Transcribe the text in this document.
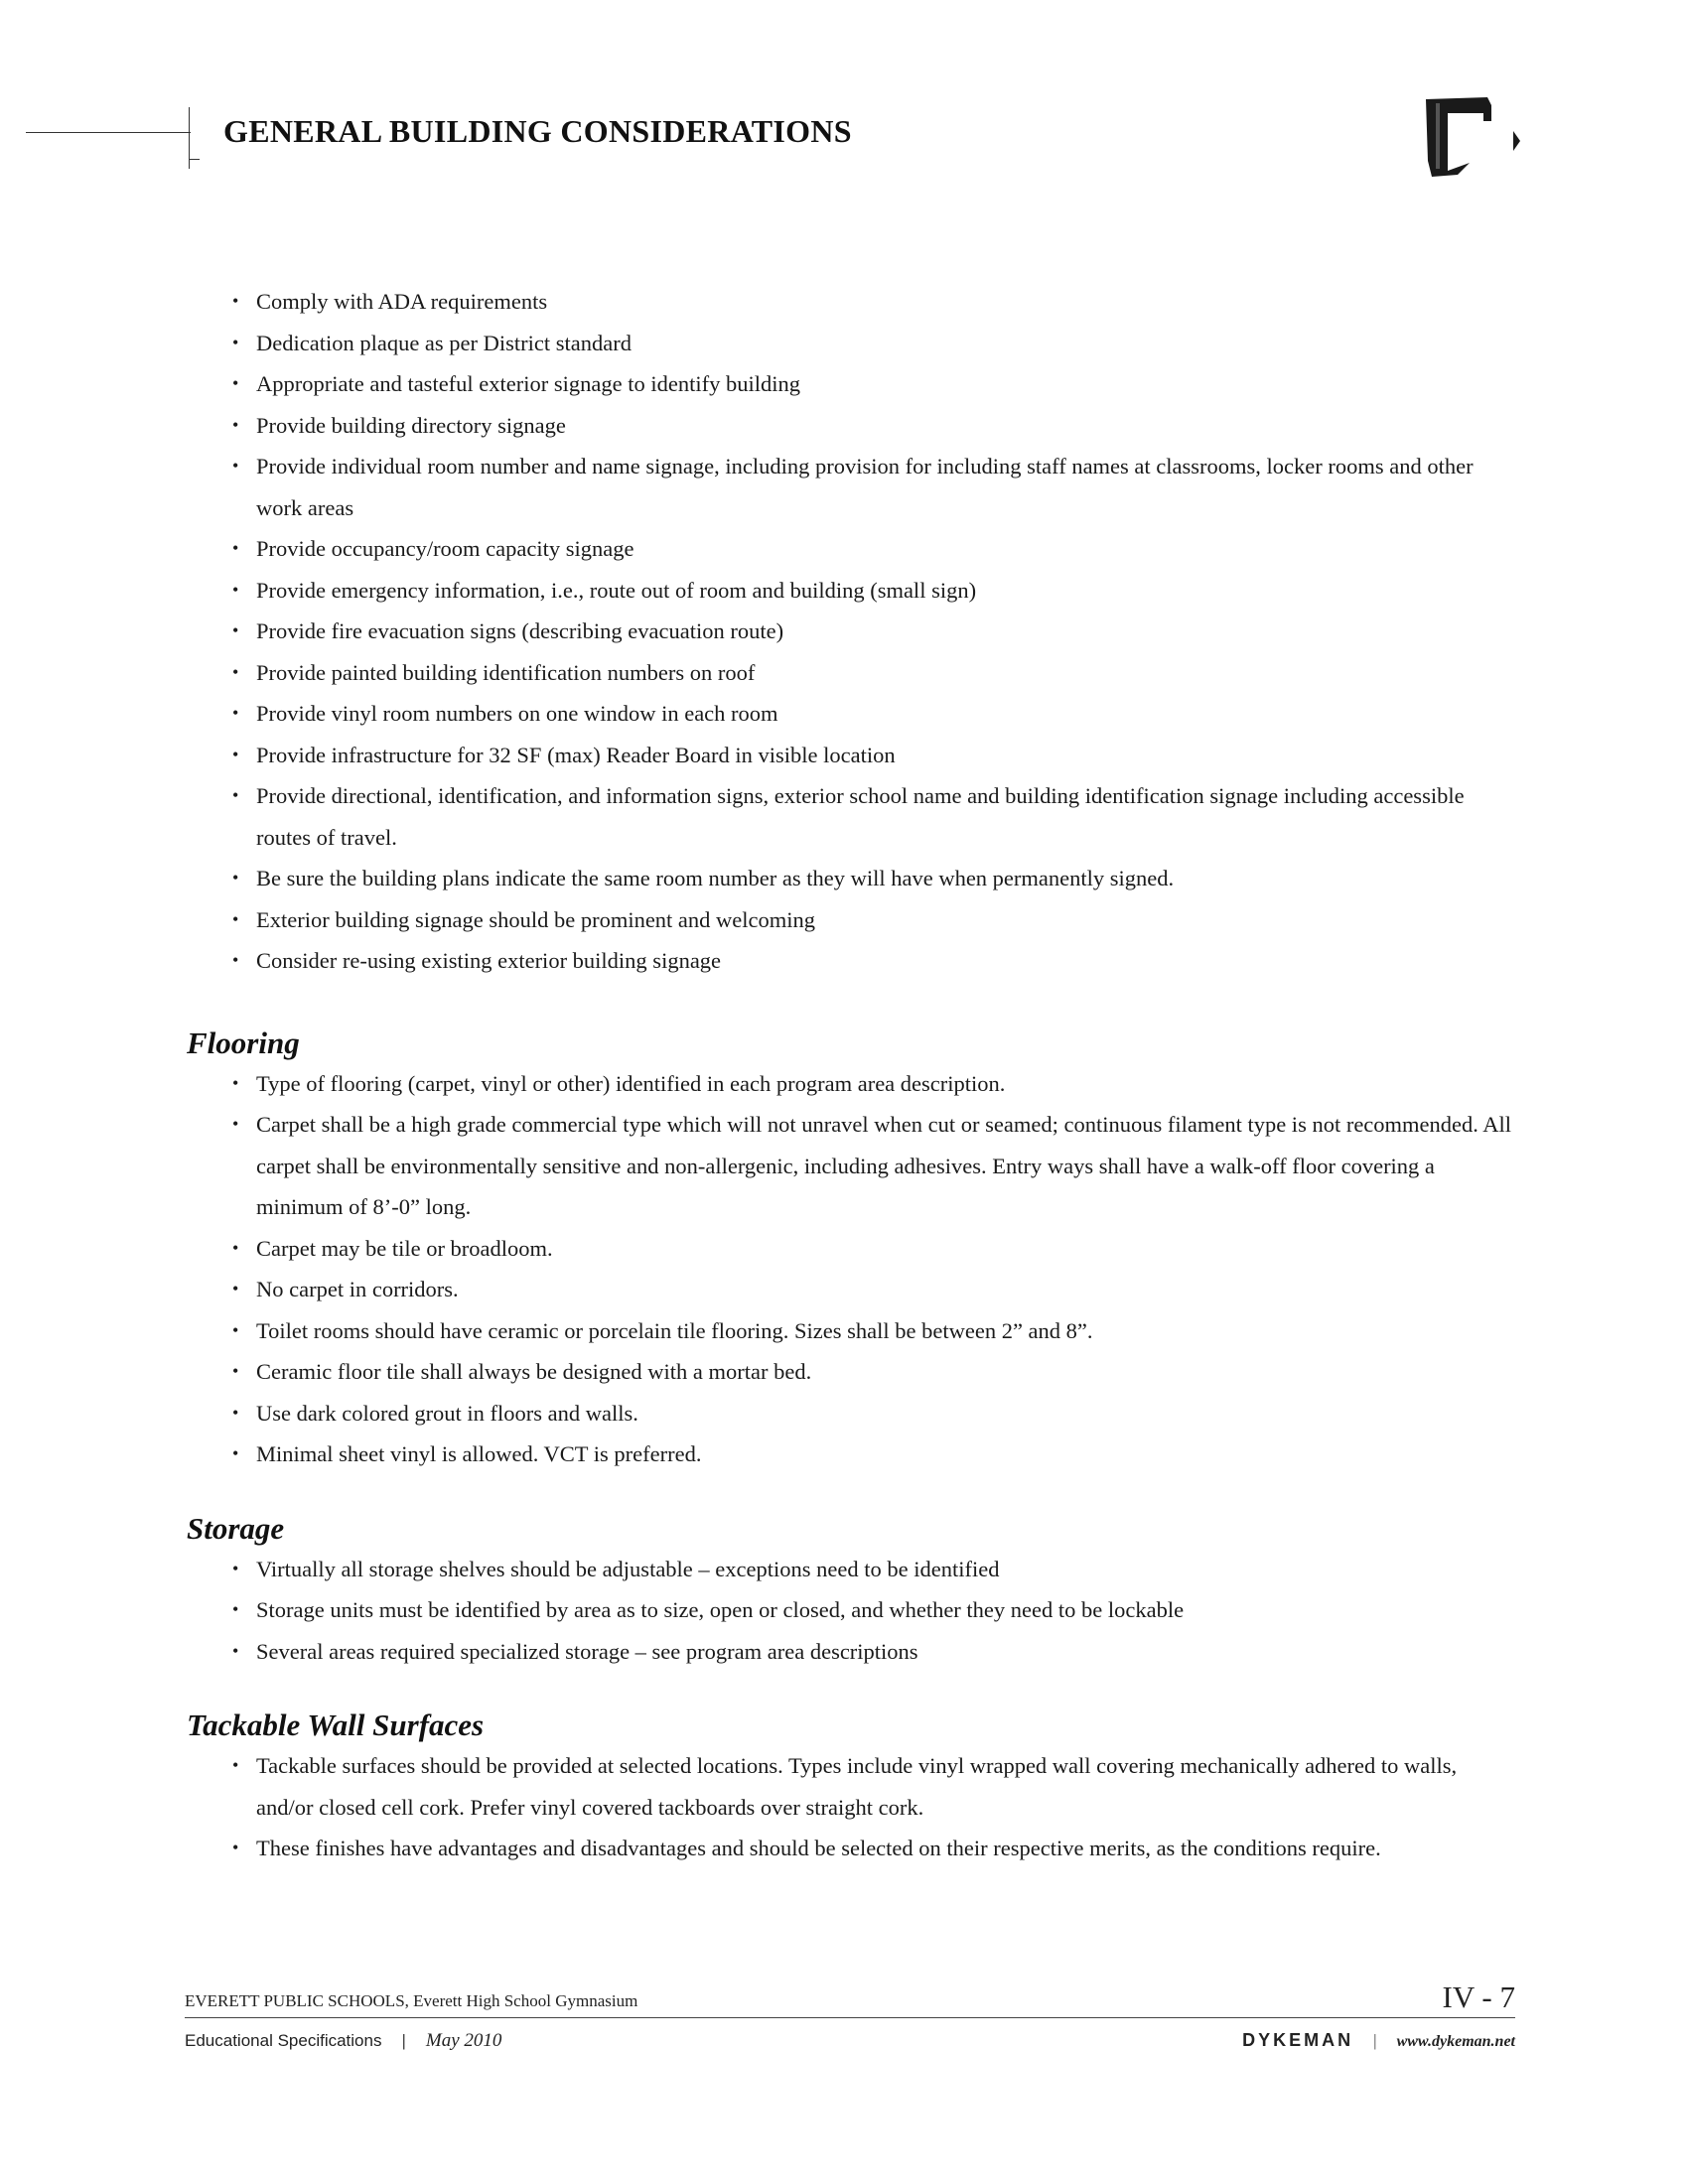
GENERAL BUILDING CONSIDERATIONS
• Comply with ADA requirements
• Dedication plaque as per District standard
• Appropriate and tasteful exterior signage to identify building
• Provide building directory signage
• Provide individual room number and name signage, including provision for including staff names at classrooms, locker rooms and other work areas
• Provide occupancy/room capacity signage
• Provide emergency information, i.e., route out of room and building (small sign)
• Provide fire evacuation signs (describing evacuation route)
• Provide painted building identification numbers on roof
• Provide vinyl room numbers on one window in each room
• Provide infrastructure for 32 SF (max) Reader Board in visible location
• Provide directional, identification, and information signs, exterior school name and building identification signage including accessible routes of travel.
• Be sure the building plans indicate the same room number as they will have when permanently signed.
• Exterior building signage should be prominent and welcoming
• Consider re-using existing exterior building signage
Flooring
• Type of flooring (carpet, vinyl or other) identified in each program area description.
• Carpet shall be a high grade commercial type which will not unravel when cut or seamed; continuous filament type is not recommended. All carpet shall be environmentally sensitive and non-allergenic, including adhesives. Entry ways shall have a walk-off floor covering a minimum of 8’-0” long.
• Carpet may be tile or broadloom.
• No carpet in corridors.
• Toilet rooms should have ceramic or porcelain tile flooring. Sizes shall be between 2” and 8”.
• Ceramic floor tile shall always be designed with a mortar bed.
• Use dark colored grout in floors and walls.
• Minimal sheet vinyl is allowed. VCT is preferred.
Storage
• Virtually all storage shelves should be adjustable – exceptions need to be identified
• Storage units must be identified by area as to size, open or closed, and whether they need to be lockable
• Several areas required specialized storage – see program area descriptions
Tackable Wall Surfaces
• Tackable surfaces should be provided at selected locations. Types include vinyl wrapped wall covering mechanically adhered to walls, and/or closed cell cork. Prefer vinyl covered tackboards over straight cork.
• These finishes have advantages and disadvantages and should be selected on their respective merits, as the conditions require.
EVERETT PUBLIC SCHOOLS, Everett High School Gymnasium	IV - 7
Educational Specifications | May 2010	DYKEMAN | www.dykeman.net
